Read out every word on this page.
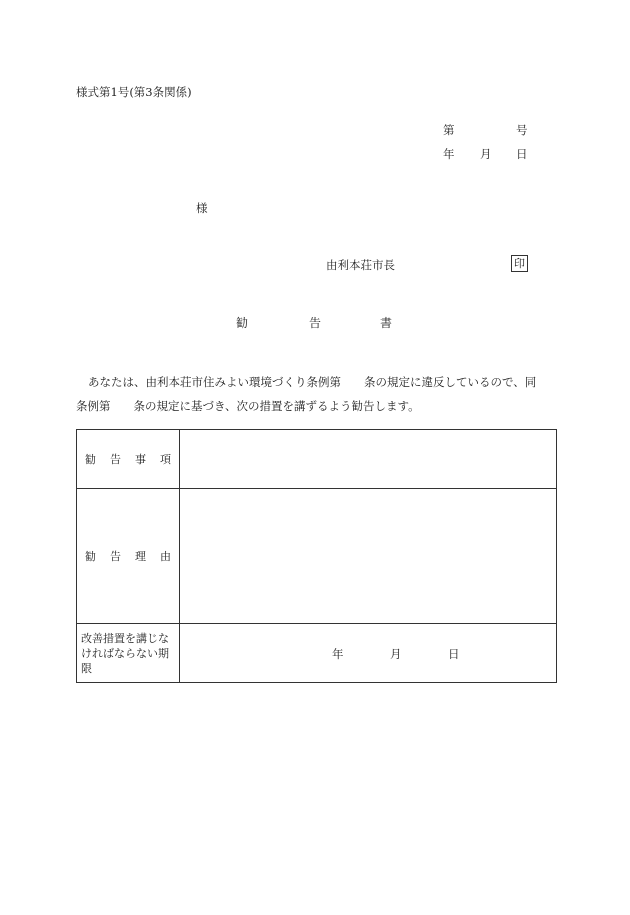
様式第1号(第3条関係)
第	号
年 月 日
様
由利本荘市長	印
勧	告	書
あなたは、由利本荘市住みよい環境づくり条例第　　条の規定に違反しているので、同
条例第　　条の規定に基づき、次の措置を講ずるよう勧告します。
勧 告 事 項	

勧 告 理 由	

改善措置を講じなければならない期限	年 月 日
